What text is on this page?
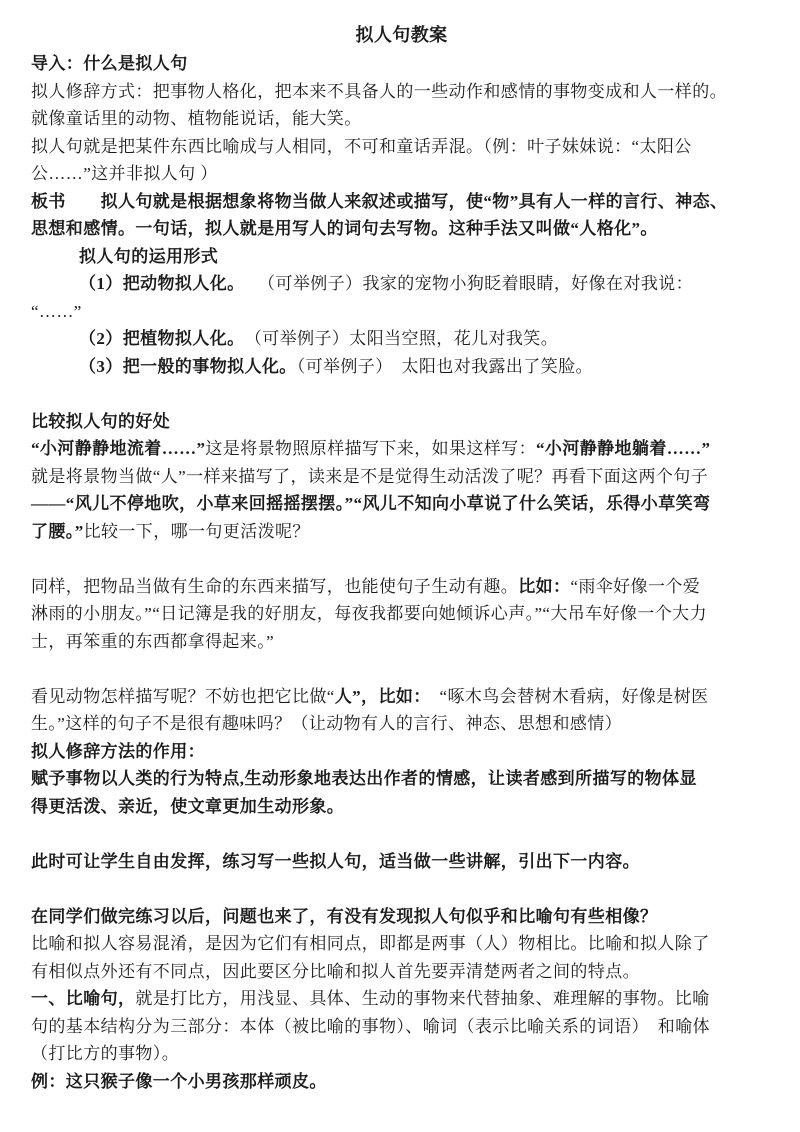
拟人句教案
导入：什么是拟人句
拟人修辞方式：把事物人格化，把本来不具备人的一些动作和感情的事物变成和人一样的。
就像童话里的动物、植物能说话，能大笑。
拟人句就是把某件东西比喻成与人相同，不可和童话弄混。（例：叶子妹妹说：“太阳公
公……”这并非拟人句 ）
板书　　拟人句就是根据想象将物当做人来叙述或描写，使“物”具有人一样的言行、神态、
思想和感情。一句话，拟人就是用写人的词句去写物。这种手法又叫做“人格化”。
拟人句的运用形式
（1）把动物拟人化。　 （可举例子）我家的宠物小狗眨着眼睛，好像在对我说：
“……”
（2）把植物拟人化。　（可举例子）太阳当空照，花儿对我笑。
（3）把一般的事物拟人化。（可举例子）　太阳也对我露出了笑脸。

比较拟人句的好处
“小河静静地流着……”这是将景物照原样描写下来，如果这样写：“小河静静地躺着……”
就是将景物当做“人”一样来描写了，读来是不是觉得生动活泼了呢？再看下面这两个句子
——“风儿不停地吹，小草来回摇摇摆摆。”“风儿不知向小草说了什么笑话，乐得小草笑弯
了腰。”比较一下，哪一句更活泼呢？

同样，把物品当做有生命的东西来描写，也能使句子生动有趣。比如：“雨伞好像一个爱
淋雨的小朋友。”“日记簿是我的好朋友，每夜我都要向她倾诉心声。”“大吊车好像一个大力
士，再笨重的东西都拿得起来。”

看见动物怎样描写呢？不妨也把它比做“人”，比如：　“啄木鸟会替树木看病，好像是树医
生。”这样的句子不是很有趣味吗？（让动物有人的言行、神态、思想和感情）
拟人修辞方法的作用：
赋予事物以人类的行为特点,生动形象地表达出作者的情感，让读者感到所描写的物体显
得更活泼、亲近，使文章更加生动形象。

此时可让学生自由发挥，练习写一些拟人句，适当做一些讲解，引出下一内容。

在同学们做完练习以后，问题也来了，有没有发现拟人句似乎和比喻句有些相像？
比喻和拟人容易混淆，是因为它们有相同点，即都是两事（人）物相比。比喻和拟人除了
有相似点外还有不同点，因此要区分比喻和拟人首先要弄清楚两者之间的特点。
一、比喻句，就是打比方，用浅显、具体、生动的事物来代替抽象、难理解的事物。比喻
句的基本结构分为三部分：本体（被比喻的事物）、喻词（表示比喻关系的词语）　和喻体
（打比方的事物）。
例：这只猴子像一个小男孩那样顽皮。
